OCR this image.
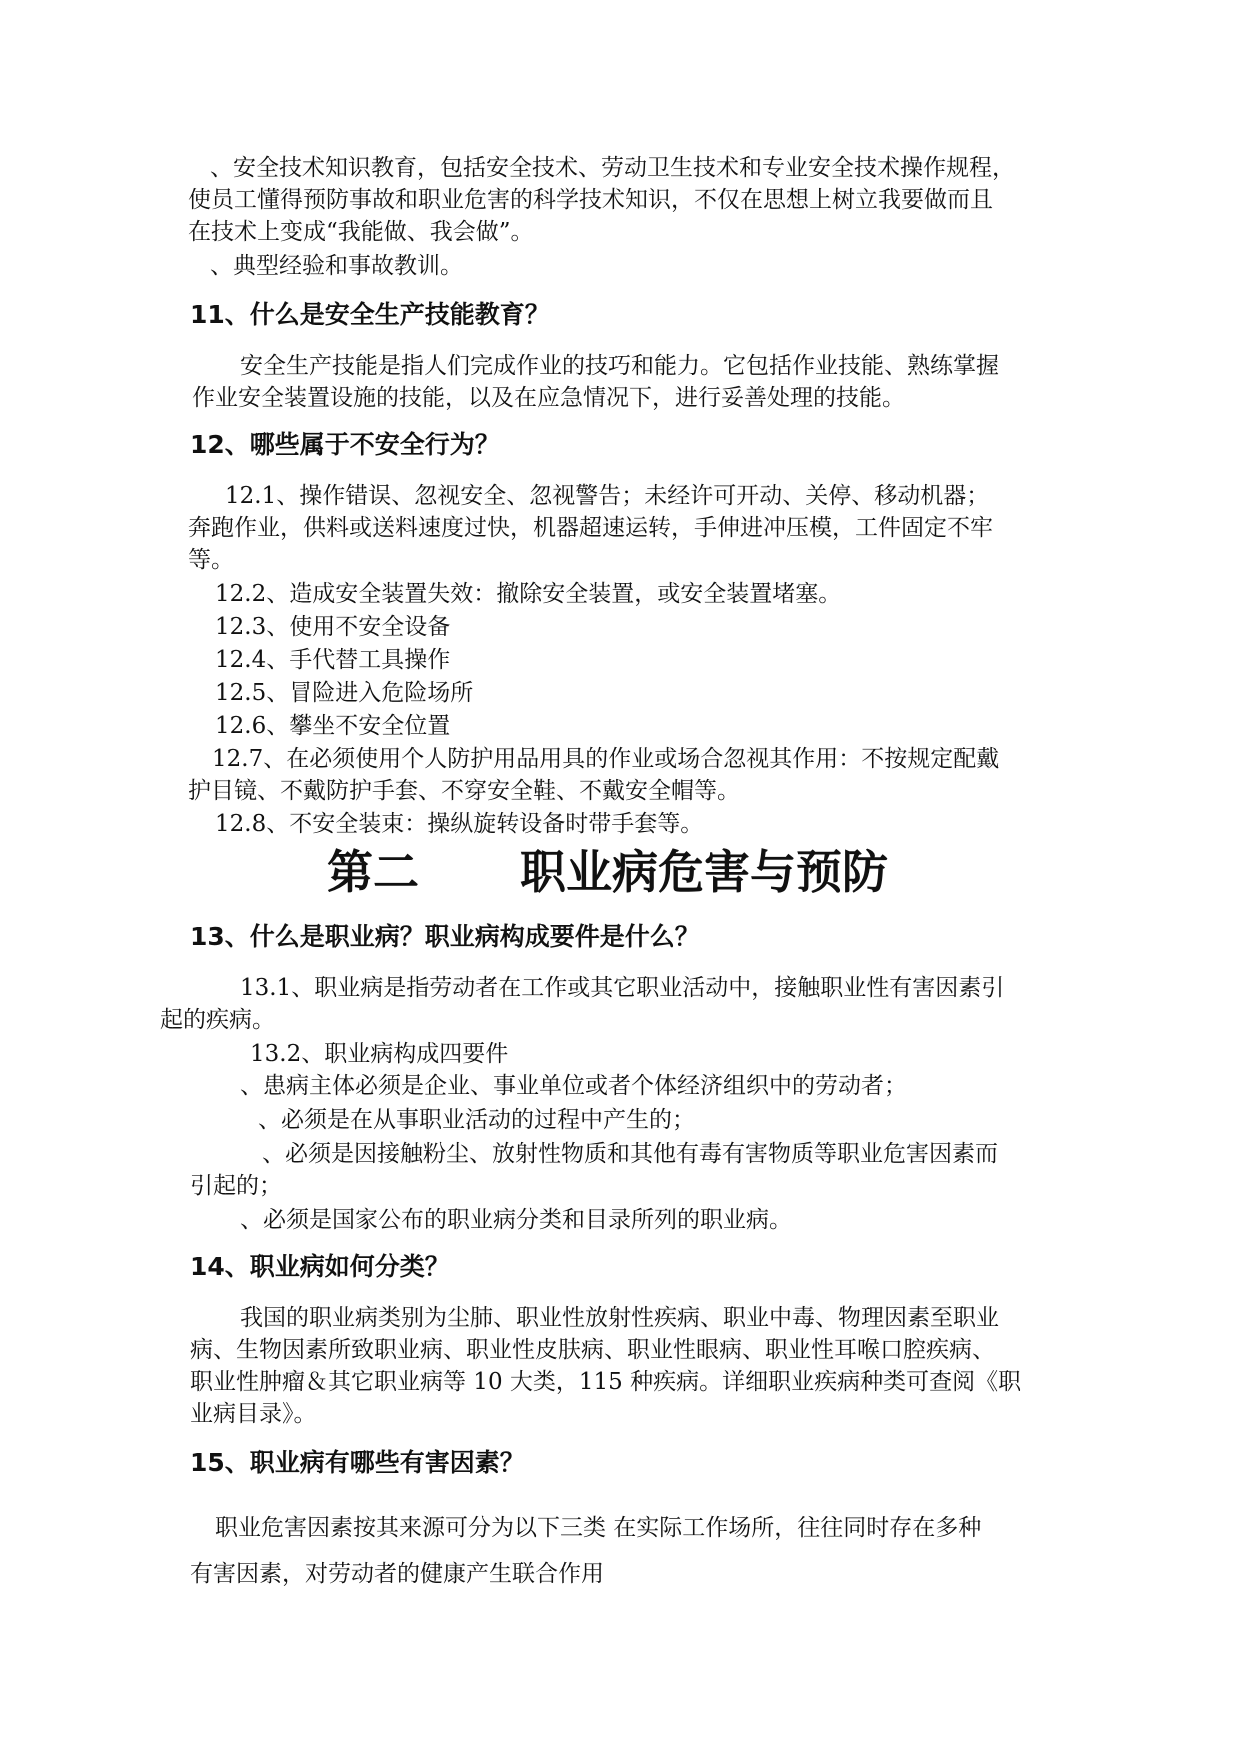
、安全技术知识教育，包括安全技术、劳动卫生技术和专业安全技术操作规程，
使员工懂得预防事故和职业危害的科学技术知识，不仅在思想上树立我要做而且
在技术上变成“我能做、我会做”。
、典型经验和事故教训。
11、什么是安全生产技能教育？
安全生产技能是指人们完成作业的技巧和能力。它包括作业技能、熟练掌握
作业安全装置设施的技能，以及在应急情况下，进行妥善处理的技能。
12、哪些属于不安全行为？
12.1、操作错误、忽视安全、忽视警告；未经许可开动、关停、移动机器；
奔跑作业，供料或送料速度过快，机器超速运转，手伸进冲压模，工件固定不牢
等。
12.2、造成安全装置失效：撤除安全装置，或安全装置堵塞。
12.3、使用不安全设备
12.4、手代替工具操作
12.5、冒险进入危险场所
12.6、攀坐不安全位置
12.7、在必须使用个人防护用品用具的作业或场合忽视其作用：不按规定配戴
护目镜、不戴防护手套、不穿安全鞋、不戴安全帽等。
12.8、不安全装束：操纵旋转设备时带手套等。
第二 职业病危害与预防
13、什么是职业病？职业病构成要件是什么？
13.1、职业病是指劳动者在工作或其它职业活动中，接触职业性有害因素引
起的疾病。
13.2、职业病构成四要件
、患病主体必须是企业、事业单位或者个体经济组织中的劳动者；
、必须是在从事职业活动的过程中产生的；
、必须是因接触粉尘、放射性物质和其他有毒有害物质等职业危害因素而
引起的；
、必须是国家公布的职业病分类和目录所列的职业病。
14、职业病如何分类？
我国的职业病类别为尘肺、职业性放射性疾病、职业中毒、物理因素至职业
病、生物因素所致职业病、职业性皮肤病、职业性眼病、职业性耳喉口腔疾病、
职业性肿瘤＆其它职业病等 10 大类，115 种疾病。详细职业疾病种类可查阅《职
业病目录》。
15、职业病有哪些有害因素？
职业危害因素按其来源可分为以下三类 在实际工作场所，往往同时存在多种
有害因素，对劳动者的健康产生联合作用
